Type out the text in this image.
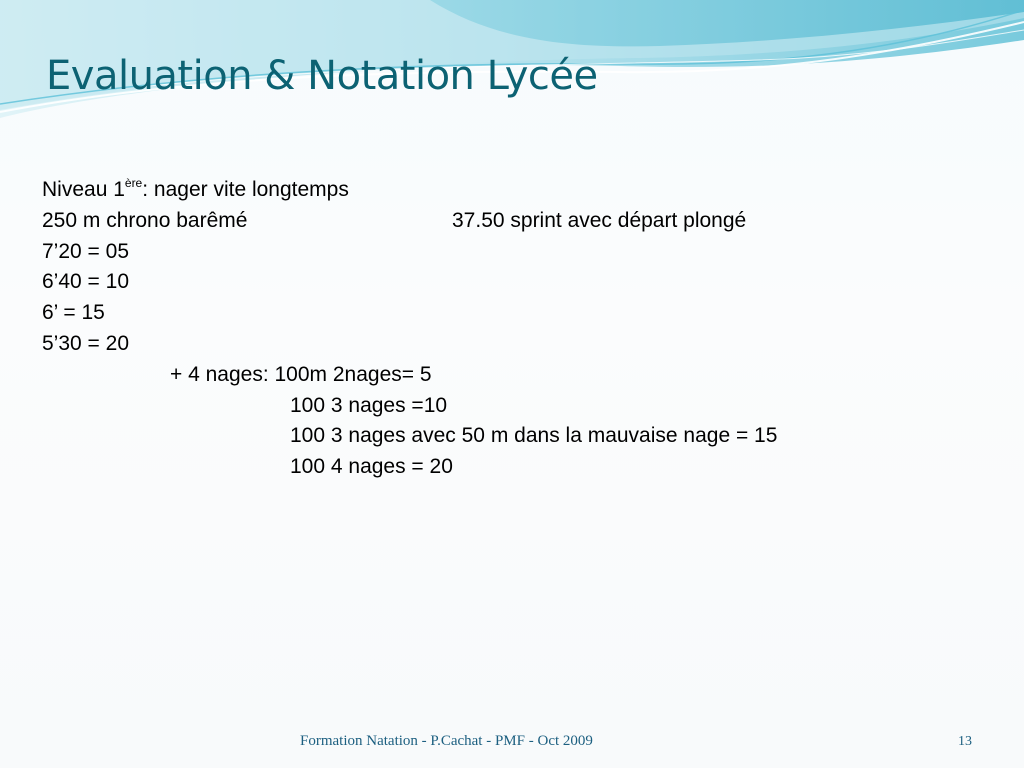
Evaluation & Notation Lycée
Niveau 1ère: nager vite longtemps
250 m chrono barêmé	37.50 sprint avec départ plongé
7’20 = 05
6’40 = 10
6’ = 15
5’30 = 20
+ 4 nages: 100m 2nages= 5
100 3 nages =10
100 3 nages avec 50 m dans la mauvaise nage = 15
100 4 nages = 20
Formation Natation - P.Cachat - PMF - Oct 2009	13
